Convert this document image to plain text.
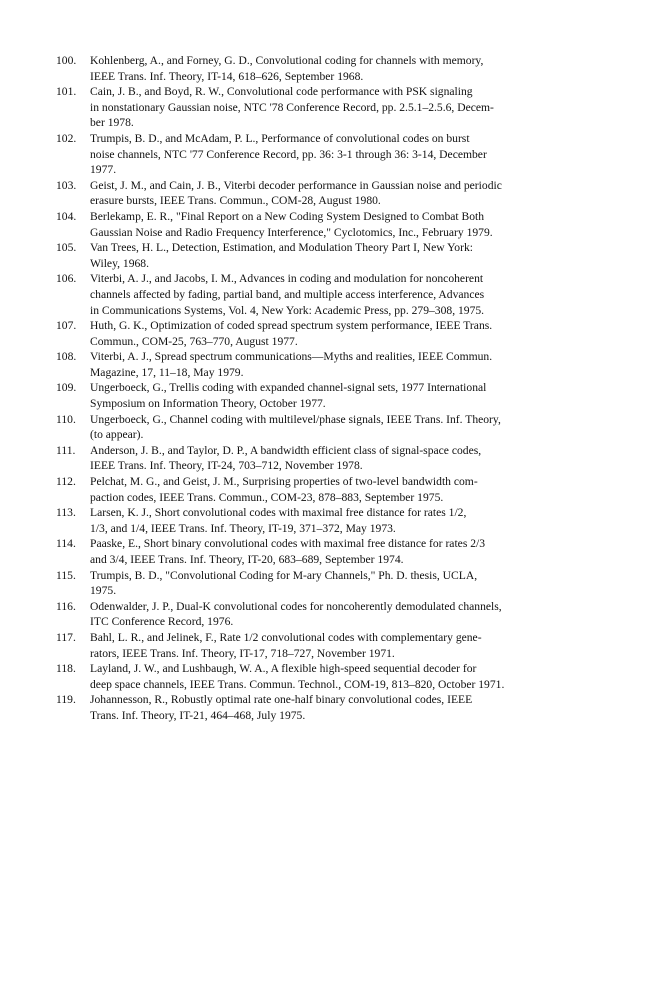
100.	Kohlenberg, A., and Forney, G. D., Convolutional coding for channels with memory,
IEEE Trans. Inf. Theory, IT-14, 618–626, September 1968.
101.	Cain, J. B., and Boyd, R. W., Convolutional code performance with PSK signaling
in nonstationary Gaussian noise, NTC '78 Conference Record, pp. 2.5.1–2.5.6, Decem-
ber 1978.
102.	Trumpis, B. D., and McAdam, P. L., Performance of convolutional codes on burst
noise channels, NTC '77 Conference Record, pp. 36: 3-1 through 36: 3-14, December
1977.
103.	Geist, J. M., and Cain, J. B., Viterbi decoder performance in Gaussian noise and periodic
erasure bursts, IEEE Trans. Commun., COM-28, August 1980.
104.	Berlekamp, E. R., "Final Report on a New Coding System Designed to Combat Both
Gaussian Noise and Radio Frequency Interference," Cyclotomics, Inc., February 1979.
105.	Van Trees, H. L., Detection, Estimation, and Modulation Theory Part I, New York:
Wiley, 1968.
106.	Viterbi, A. J., and Jacobs, I. M., Advances in coding and modulation for noncoherent
channels affected by fading, partial band, and multiple access interference, Advances
in Communications Systems, Vol. 4, New York: Academic Press, pp. 279–308, 1975.
107.	Huth, G. K., Optimization of coded spread spectrum system performance, IEEE Trans.
Commun., COM-25, 763–770, August 1977.
108.	Viterbi, A. J., Spread spectrum communications—Myths and realities, IEEE Commun.
Magazine, 17, 11–18, May 1979.
109.	Ungerboeck, G., Trellis coding with expanded channel-signal sets, 1977 International
Symposium on Information Theory, October 1977.
110.	Ungerboeck, G., Channel coding with multilevel/phase signals, IEEE Trans. Inf. Theory,
(to appear).
111.	Anderson, J. B., and Taylor, D. P., A bandwidth efficient class of signal-space codes,
IEEE Trans. Inf. Theory, IT-24, 703–712, November 1978.
112.	Pelchat, M. G., and Geist, J. M., Surprising properties of two-level bandwidth com-
paction codes, IEEE Trans. Commun., COM-23, 878–883, September 1975.
113.	Larsen, K. J., Short convolutional codes with maximal free distance for rates 1/2,
1/3, and 1/4, IEEE Trans. Inf. Theory, IT-19, 371–372, May 1973.
114.	Paaske, E., Short binary convolutional codes with maximal free distance for rates 2/3
and 3/4, IEEE Trans. Inf. Theory, IT-20, 683–689, September 1974.
115.	Trumpis, B. D., "Convolutional Coding for M-ary Channels," Ph. D. thesis, UCLA,
1975.
116.	Odenwalder, J. P., Dual-K convolutional codes for noncoherently demodulated channels,
ITC Conference Record, 1976.
117.	Bahl, L. R., and Jelinek, F., Rate 1/2 convolutional codes with complementary gene-
rators, IEEE Trans. Inf. Theory, IT-17, 718–727, November 1971.
118.	Layland, J. W., and Lushbaugh, W. A., A flexible high-speed sequential decoder for
deep space channels, IEEE Trans. Commun. Technol., COM-19, 813–820, October 1971.
119.	Johannesson, R., Robustly optimal rate one-half binary convolutional codes, IEEE
Trans. Inf. Theory, IT-21, 464–468, July 1975.
